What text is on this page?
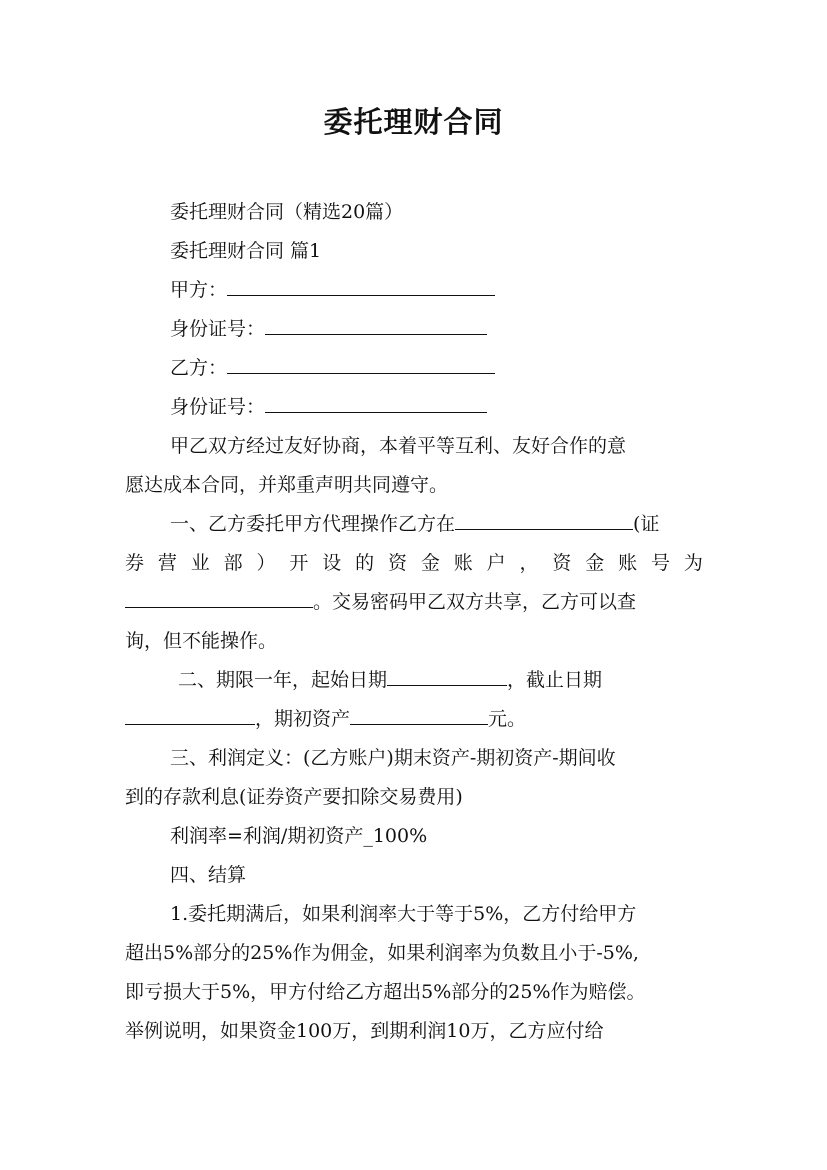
委托理财合同
委托理财合同（精选20篇）
委托理财合同 篇1
甲方：
身份证号：
乙方：
身份证号：
甲乙双方经过友好协商，本着平等互利、友好合作的意
愿达成本合同，并郑重声明共同遵守。
一、乙方委托甲方代理操作乙方在	(证
券 营 业 部 ） 开 设 的 资 金 账 户 ， 资 金 账 号 为
。交易密码甲乙双方共享，乙方可以查
询，但不能操作。
二、期限一年，起始日期	，截止日期
，期初资产	元。
三、利润定义：(乙方账户)期末资产-期初资产-期间收
到的存款利息(证券资产要扣除交易费用)
利润率=利润/期初资产_100%
四、结算
1.委托期满后，如果利润率大于等于5%，乙方付给甲方
超出5%部分的25%作为佣金，如果利润率为负数且小于-5%,
即亏损大于5%，甲方付给乙方超出5%部分的25%作为赔偿。
举例说明，如果资金100万，到期利润10万，乙方应付给
